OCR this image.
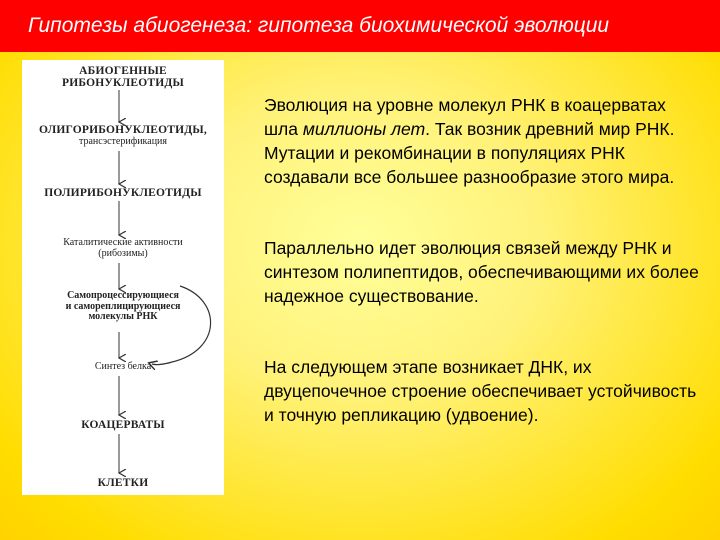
Гипотезы абиогенеза: гипотеза биохимической эволюции
АБИОГЕННЫЕ
РИБОНУКЛЕОТИДЫ
ОЛИГОРИБОНУКЛЕОТИДЫ,
трансэстерификация
ПОЛИРИБОНУКЛЕОТИДЫ
Каталитические активности
(рибозимы)
Самопроцессирующиеся
и самореплицирующиеся
молекулы РНК
Синтез белка
КОАЦЕРВАТЫ
КЛЕТКИ

Эволюция на уровне молекул РНК в коацерватах шла миллионы лет. Так возник древний мир РНК. Мутации и рекомбинации в популяциях РНК создавали все большее разнообразие этого мира.

Параллельно идет эволюция связей между РНК и синтезом полипептидов, обеспечивающими их более надежное существование.

На следующем этапе возникает ДНК, их двуцепочечное строение обеспечивает устойчивость и точную репликацию (удвоение).
